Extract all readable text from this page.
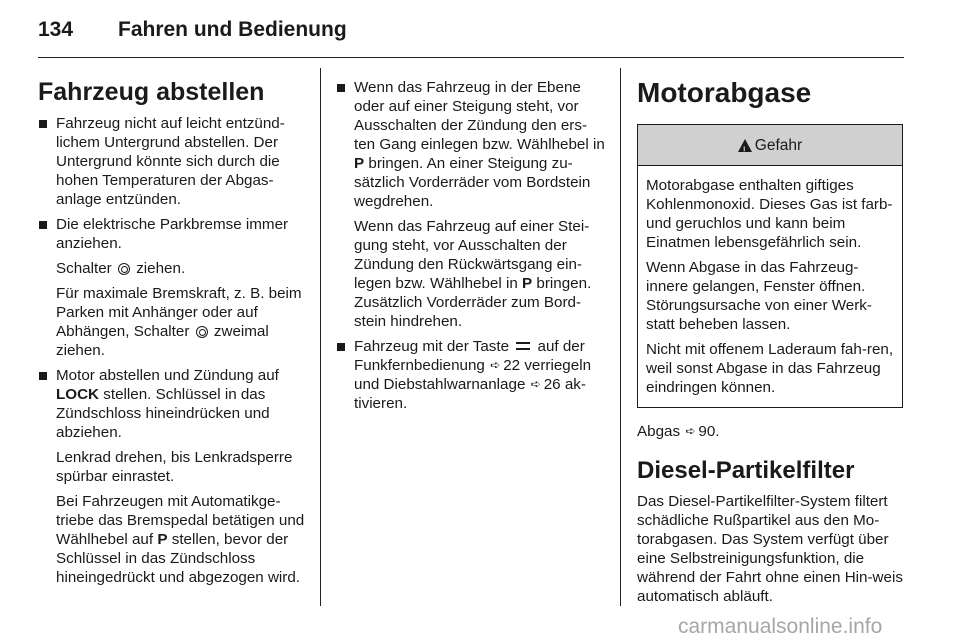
134 Fahren und Bedienung
Fahrzeug abstellen
Fahrzeug nicht auf leicht entzünd-lichem Untergrund abstellen. Der Untergrund könnte sich durch die hohen Temperaturen der Abgas-anlage entzünden.
Die elektrische Parkbremse immer anziehen.
Schalter ziehen.
Für maximale Bremskraft, z. B. beim Parken mit Anhänger oder auf Abhängen, Schalter zweimal ziehen.
Motor abstellen und Zündung auf LOCK stellen. Schlüssel in das Zündschloss hineindrücken und abziehen.
Lenkrad drehen, bis Lenkradsperre spürbar einrastet.
Bei Fahrzeugen mit Automatikge-triebe das Bremspedal betätigen und Wählhebel auf P stellen, bevor der Schlüssel in das Zündschloss hineingedrückt und abgezogen wird.
Wenn das Fahrzeug in der Ebene oder auf einer Steigung steht, vor Ausschalten der Zündung den ers-ten Gang einlegen bzw. Wählhebel in P bringen. An einer Steigung zu-sätzlich Vorderräder vom Bordstein wegdrehen.
Wenn das Fahrzeug auf einer Stei-gung steht, vor Ausschalten der Zündung den Rückwärtsgang ein-legen bzw. Wählhebel in P bringen. Zusätzlich Vorderräder zum Bord-stein hindrehen.
Fahrzeug mit der Taste auf der Funkfernbedienung ➪ 22 verriegeln und Diebstahlwarnanlage ➪ 26 ak-tivieren.
Motorabgase
!
Gefahr
Motorabgase enthalten giftiges Kohlenmonoxid. Dieses Gas ist farb- und geruchlos und kann beim Einatmen lebensgefährlich sein.
Wenn Abgase in das Fahrzeug-innere gelangen, Fenster öffnen. Störungsursache von einer Werk-statt beheben lassen.
Nicht mit offenem Laderaum fah-ren, weil sonst Abgase in das Fahrzeug eindringen können.
Abgas ➪ 90.
Diesel-Partikelfilter
Das Diesel-Partikelfilter-System filtert schädliche Rußpartikel aus den Mo-torabgasen. Das System verfügt über eine Selbstreinigungsfunktion, die während der Fahrt ohne einen Hin-weis automatisch abläuft.
carmanualsonline.info
